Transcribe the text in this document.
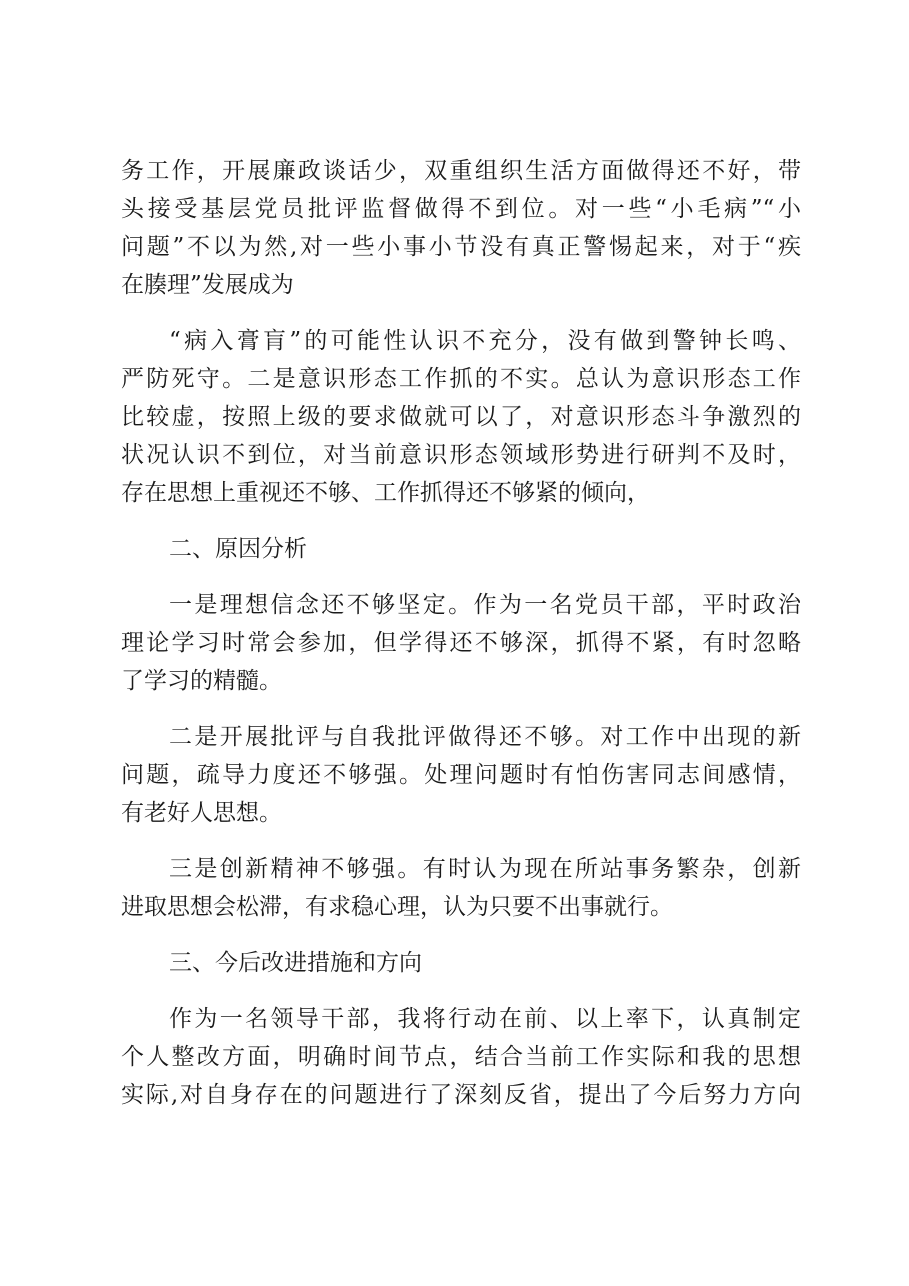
务工作，开展廉政谈话少，双重组织生活方面做得还不好，带
头接受基层党员批评监督做得不到位。对一些“小毛病”“小
问题”不以为然,对一些小事小节没有真正警惕起来，对于“疾
在腠理”发展成为
“病入膏肓”的可能性认识不充分，没有做到警钟长鸣、
严防死守。二是意识形态工作抓的不实。总认为意识形态工作
比较虚，按照上级的要求做就可以了，对意识形态斗争激烈的
状况认识不到位，对当前意识形态领域形势进行研判不及时，
存在思想上重视还不够、工作抓得还不够紧的倾向，
二、原因分析
一是理想信念还不够坚定。作为一名党员干部，平时政治
理论学习时常会参加，但学得还不够深，抓得不紧，有时忽略
了学习的精髓。
二是开展批评与自我批评做得还不够。对工作中出现的新
问题，疏导力度还不够强。处理问题时有怕伤害同志间感情，
有老好人思想。
三是创新精神不够强。有时认为现在所站事务繁杂，创新
进取思想会松滞，有求稳心理，认为只要不出事就行。
三、今后改进措施和方向
作为一名领导干部，我将行动在前、以上率下，认真制定
个人整改方面，明确时间节点，结合当前工作实际和我的思想
实际,对自身存在的问题进行了深刻反省，提出了今后努力方向
